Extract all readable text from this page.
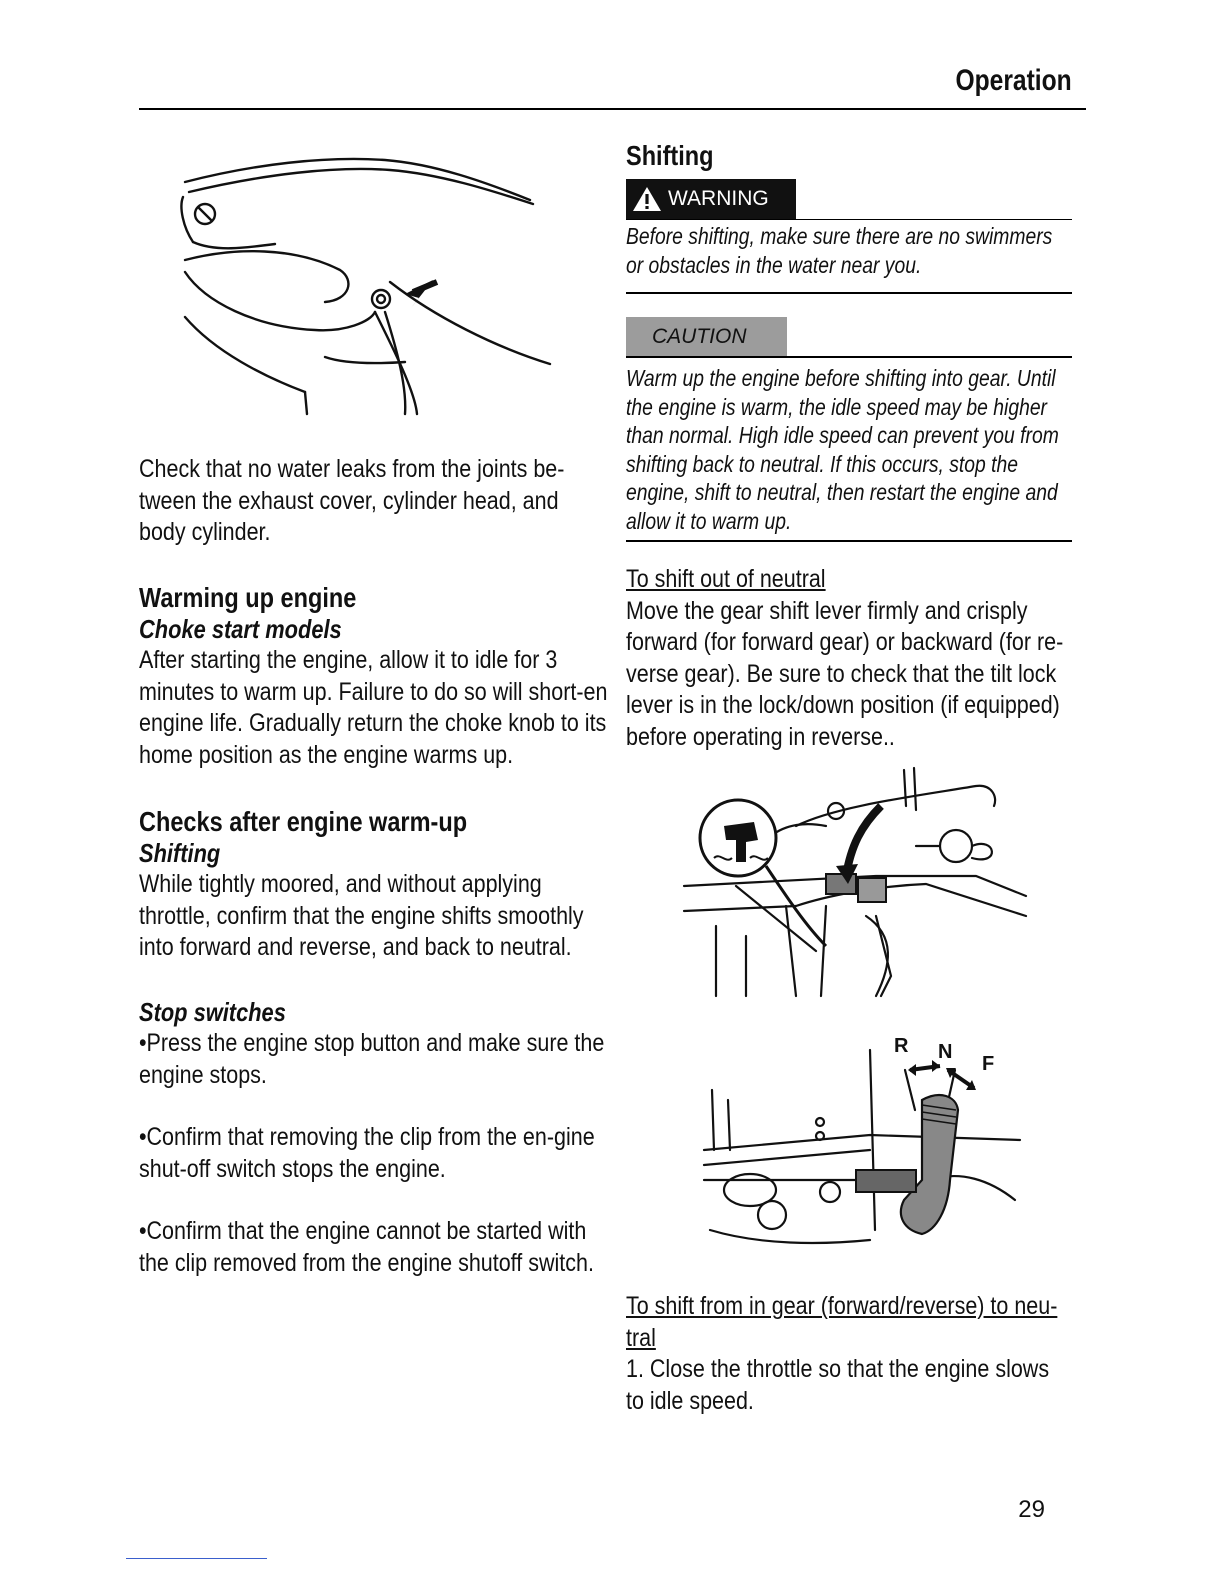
Operation

Check that no water leaks from the joints be-tween the exhaust cover, cylinder head, and body cylinder.

Warming up engine

Choke start models

After starting the engine, allow it to idle for 3 minutes to warm up. Failure to do so will short-en engine life. Gradually return the choke knob to its home position as the engine warms up.

Checks after engine warm-up

Shifting

While tightly moored, and without applying throttle, confirm that the engine shifts smoothly into forward and reverse, and back to neutral.

Stop switches

•Press the engine stop button and make sure the engine stops.

•Confirm that removing the clip from the en-gine shut-off switch stops the engine.

•Confirm that the engine cannot be started with the clip removed from the engine shutoff switch.

Shifting

WARNING

Before shifting, make sure there are no swimmers or obstacles in the water near you.

CAUTION

Warm up the engine before shifting into gear. Until the engine is warm, the idle speed may be higher than normal. High idle speed can prevent you from shifting back to neutral. If this occurs, stop the engine, shift to neutral, then restart the engine and allow it to warm up.

To shift out of neutral

Move the gear shift lever firmly and crisply forward (for forward gear) or backward (for re-verse gear). Be sure to check that the tilt lock lever is in the lock/down position (if equipped) before operating in reverse..

R N
F

To shift from in gear (forward/reverse) to neu-tral

1. Close the throttle so that the engine slows to idle speed.

29
